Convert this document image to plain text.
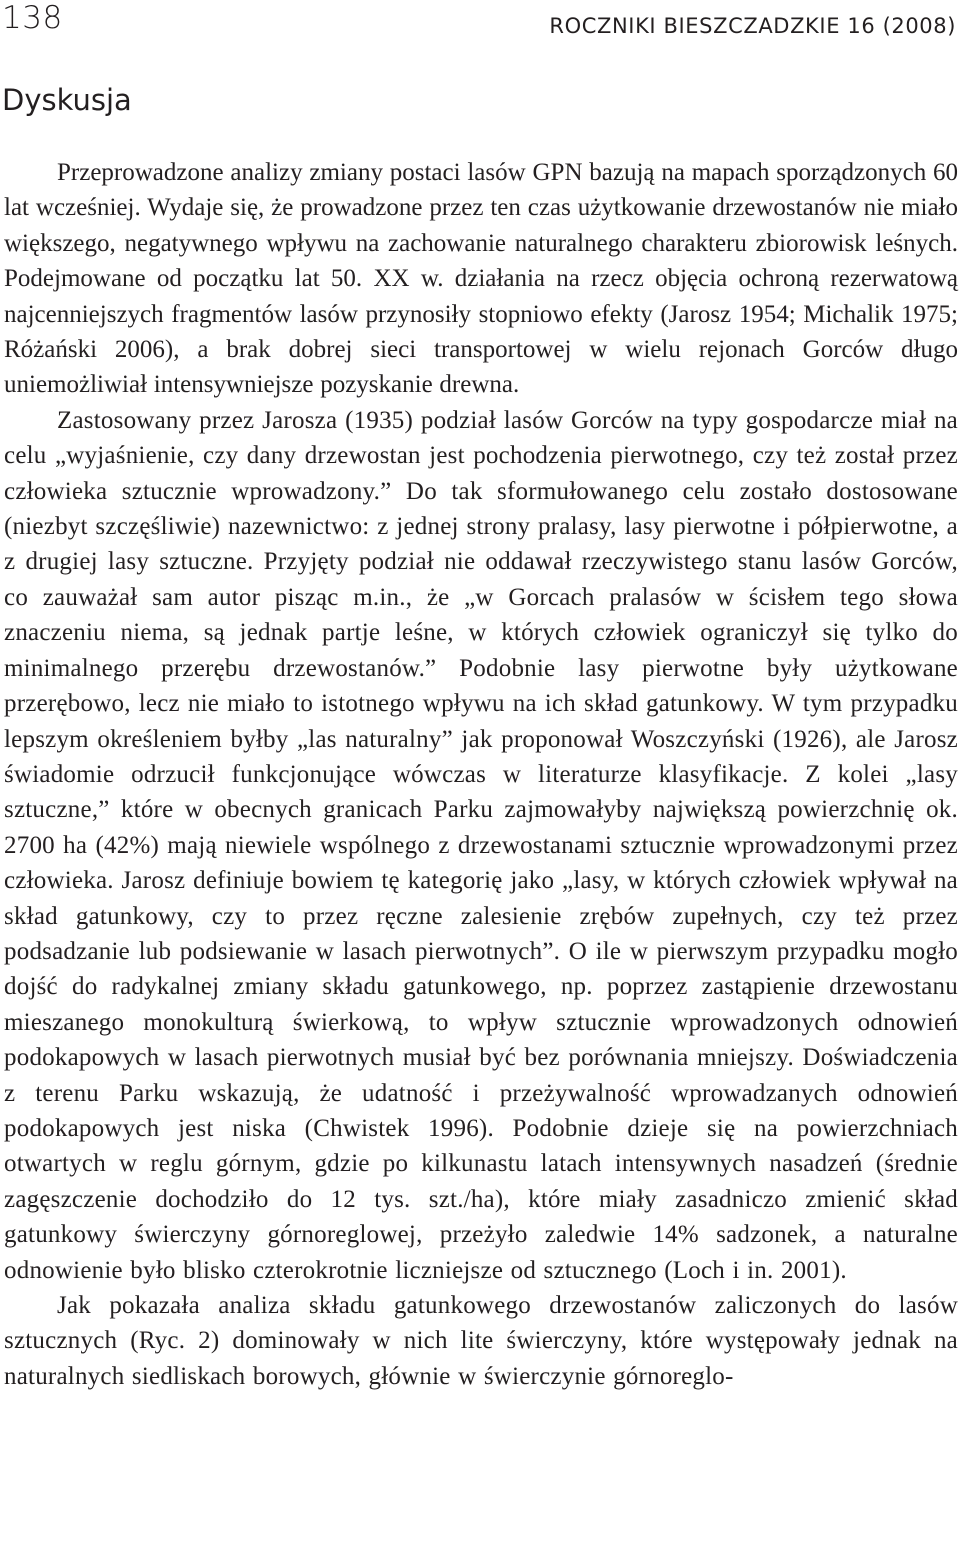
138	ROCZNIKI BIESZCZADZKIE 16 (2008)
Dyskusja

Przeprowadzone analizy zmiany postaci lasów GPN bazują na mapach sporządzonych 60 lat wcześniej. Wydaje się, że prowadzone przez ten czas użytkowanie drzewostanów nie miało większego, negatywnego wpływu na zachowanie naturalnego charakteru zbiorowisk leśnych. Podejmowane od początku lat 50. XX w. działania na rzecz objęcia ochroną rezerwatową najcenniejszych fragmentów lasów przynosiły stopniowo efekty (Jarosz 1954; Michalik 1975; Różański 2006), a brak dobrej sieci transportowej w wielu rejonach Gorców długo uniemożliwiał intensywniejsze pozyskanie drewna.

Zastosowany przez Jarosza (1935) podział lasów Gorców na typy gospodarcze miał na celu „wyjaśnienie, czy dany drzewostan jest pochodzenia pierwotnego, czy też został przez człowieka sztucznie wprowadzony.” Do tak sformułowanego celu zostało dostosowane (niezbyt szczęśliwie) nazewnictwo: z jednej strony pralasy, lasy pierwotne i półpierwotne, a z drugiej lasy sztuczne. Przyjęty podział nie oddawał rzeczywistego stanu lasów Gorców, co zauważał sam autor pisząc m.in., że „w Gorcach pralasów w ścisłem tego słowa znaczeniu niema, są jednak partje leśne, w których człowiek ograniczył się tylko do minimalnego przerębu drzewostanów.” Podobnie lasy pierwotne były użytkowane przerębowo, lecz nie miało to istotnego wpływu na ich skład gatunkowy. W tym przypadku lepszym określeniem byłby „las naturalny” jak proponował Woszczyński (1926), ale Jarosz świadomie odrzucił funkcjonujące wówczas w literaturze klasyfikacje. Z kolei „lasy sztuczne,” które w obecnych granicach Parku zajmowałyby największą powierzchnię ok. 2700 ha (42%) mają niewiele wspólnego z drzewostanami sztucznie wprowadzonymi przez człowieka. Jarosz definiuje bowiem tę kategorię jako „lasy, w których człowiek wpływał na skład gatunkowy, czy to przez ręczne zalesienie zrębów zupełnych, czy też przez podsadzanie lub podsiewanie w lasach pierwotnych”. O ile w pierwszym przypadku mogło dojść do radykalnej zmiany składu gatunkowego, np. poprzez zastąpienie drzewostanu mieszanego monokulturą świerkową, to wpływ sztucznie wprowadzonych odnowień podokapowych w lasach pierwotnych musiał być bez porównania mniejszy. Doświadczenia z terenu Parku wskazują, że udatność i przeżywalność wprowadzanych odnowień podokapowych jest niska (Chwistek 1996). Podobnie dzieje się na powierzchniach otwartych w reglu górnym, gdzie po kilkunastu latach intensywnych nasadzeń (średnie zagęszczenie dochodziło do 12 tys. szt./ha), które miały zasadniczo zmienić skład gatunkowy świerczyny górnoreglowej, przeżyło zaledwie 14% sadzonek, a naturalne odnowienie było blisko czterokrotnie liczniejsze od sztucznego (Loch i in. 2001).

Jak pokazała analiza składu gatunkowego drzewostanów zaliczonych do lasów sztucznych (Ryc. 2) dominowały w nich lite świerczyny, które występowały jednak na naturalnych siedliskach borowych, głównie w świerczynie górnoreglo-
